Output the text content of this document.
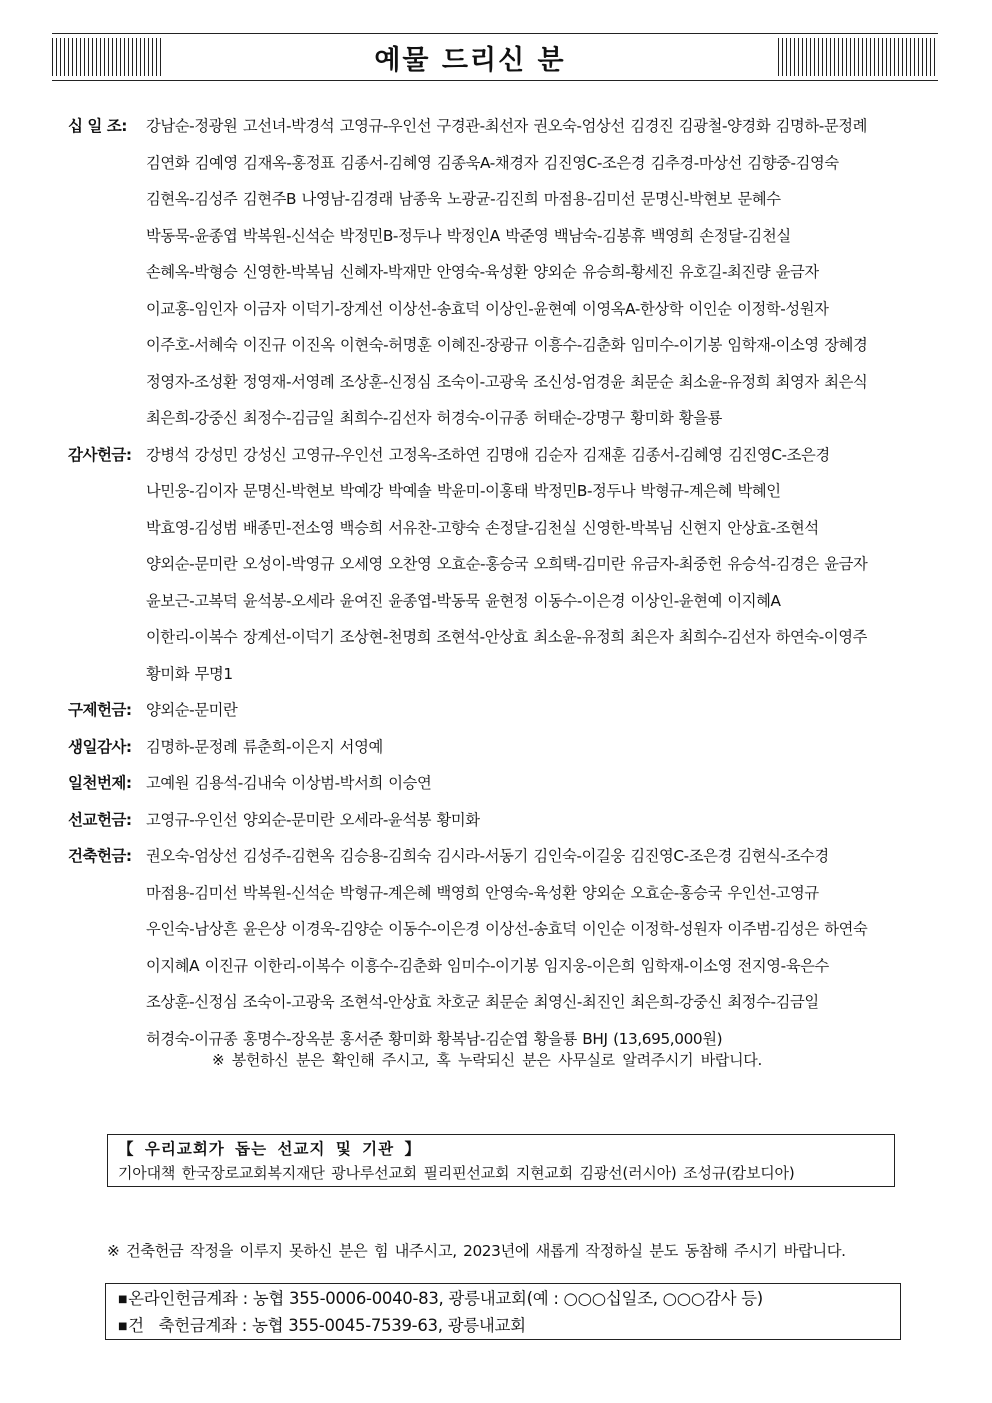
예물 드리신 분
십 일 조:	강남순-정광원 고선녀-박경석 고영규-우인선 구경관-최선자 권오숙-엄상선 김경진 김광철-양경화 김명하-문정례
김연화 김예영 김재옥-홍정표 김종서-김혜영 김종욱A-채경자 김진영C-조은경 김추경-마상선 김향중-김영숙
김현옥-김성주 김현주B 나영남-김경래 남종욱 노광균-김진희 마점용-김미선 문명신-박현보 문혜수
박동묵-윤종엽 박복원-신석순 박정민B-정두나 박정인A 박준영 백남숙-김봉휴 백영희 손정달-김천실
손혜옥-박형승 신영한-박복님 신혜자-박재만 안영숙-육성환 양외순 유승희-황세진 유호길-최진량 윤금자
이교홍-임인자 이금자 이덕기-장계선 이상선-송효덕 이상인-윤현예 이영옥A-한상학 이인순 이정학-성원자
이주호-서혜숙 이진규 이진옥 이현숙-허명훈 이혜진-장광규 이흥수-김춘화 임미수-이기봉 임학재-이소영 장혜경
정영자-조성환 정영재-서영례 조상훈-신정심 조숙이-고광욱 조신성-엄경윤 최문순 최소윤-유정희 최영자 최은식
최은희-강중신 최정수-김금일 최희수-김선자 허경숙-이규종 허태순-강명구 황미화 황을룡
감사헌금: 강병석 강성민 강성신 고영규-우인선 고정옥-조하연 김명애 김순자 김재훈 김종서-김혜영 김진영C-조은경
나민웅-김이자 문명신-박현보 박예강 박예솔 박윤미-이홍태 박정민B-정두나 박형규-계은혜 박혜인
박효영-김성범 배종민-전소영 백승희 서유찬-고향숙 손정달-김천실 신영한-박복님 신현지 안상효-조현석
양외순-문미란 오성이-박영규 오세영 오찬영 오효순-홍승국 오희택-김미란 유금자-최중헌 유승석-김경은 윤금자
윤보근-고복덕 윤석봉-오세라 윤여진 윤종엽-박동묵 윤현정 이동수-이은경 이상인-윤현예 이지혜A
이한리-이복수 장계선-이덕기 조상현-천명희 조현석-안상효 최소윤-유정희 최은자 최희수-김선자 하연숙-이영주
황미화 무명1
구제헌금: 양외순-문미란
생일감사: 김명하-문정례 류춘희-이은지 서영예
일천번제: 고예원 김용석-김내숙 이상범-박서희 이승연
선교헌금: 고영규-우인선 양외순-문미란 오세라-윤석봉 황미화
건축헌금: 권오숙-엄상선 김성주-김현옥 김승용-김희숙 김시라-서동기 김인숙-이길웅 김진영C-조은경 김현식-조수경
마점용-김미선 박복원-신석순 박형규-계은혜 백영희 안영숙-육성환 양외순 오효순-홍승국 우인선-고영규
우인숙-남상흔 윤은상 이경욱-김양순 이동수-이은경 이상선-송효덕 이인순 이정학-성원자 이주범-김성은 하연숙
이지혜A 이진규 이한리-이복수 이흥수-김춘화 임미수-이기봉 임지웅-이은희 임학재-이소영 전지영-육은수
조상훈-신정심 조숙이-고광욱 조현석-안상효 차호군 최문순 최영신-최진인 최은희-강중신 최정수-김금일
허경숙-이규종 홍명수-장옥분 홍서준 황미화 황복남-김순엽 황을룡 BHJ (13,695,000원)
※ 봉헌하신 분은 확인해 주시고, 혹 누락되신 분은 사무실로 알려주시기 바랍니다.
【 우리교회가 돕는 선교지 및 기관 】
기아대책 한국장로교회복지재단 광나루선교회 필리핀선교회 지현교회 김광선(러시아) 조성규(캄보디아)
※ 건축헌금 작정을 이루지 못하신 분은 힘 내주시고, 2023년에 새롭게 작정하실 분도 동참해 주시기 바랍니다.
■온라인헌금계좌 : 농협 355-0006-0040-83, 광릉내교회(예 : ○○○십일조, ○○○감사 등)
■건   축헌금계좌 : 농협 355-0045-7539-63, 광릉내교회
